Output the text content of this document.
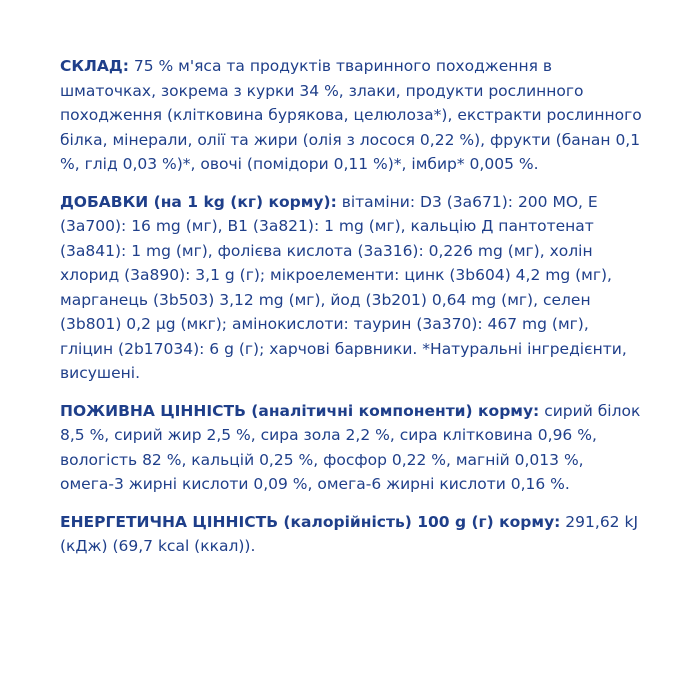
СКЛАД: 75 % м'яса та продуктів тваринного походження в шматочках, зокрема з курки 34 %, злаки, продукти рослинного походження (клітковина бурякова, целюлоза*), екстракти рослинного білка, мінерали, олії та жири (олія з лосося 0,22 %), фрукти (банан 0,1 %, глід 0,03 %)*, овочі (помідори 0,11 %)*, імбир* 0,005 %.

ДОБАВКИ (на 1 kg (кг) корму): вітаміни: D3 (3a671): 200 МО, E (3a700): 16 mg (мг), B1 (3a821): 1 mg (мг), кальцію Д пантотенат (3a841): 1 mg (мг), фолієва кислота (3a316): 0,226 mg (мг), холін хлорид (3a890): 3,1 g (г); мікроелементи: цинк (3b604) 4,2 mg (мг), марганець (3b503) 3,12 mg (мг), йод (3b201) 0,64 mg (мг), селен (3b801) 0,2 μg (мкг); амінокислоти: таурин (3a370): 467 mg (мг), гліцин (2b17034): 6 g (г); харчові барвники. *Натуральні інгредієнти, висушені.

ПОЖИВНА ЦІННІСТЬ (аналітичні компоненти) корму: сирий білок 8,5 %, сирий жир 2,5 %, сира зола 2,2 %, сира клітковина 0,96 %, вологість 82 %, кальцій 0,25 %, фосфор 0,22 %, магній 0,013 %, омега-3 жирні кислоти 0,09 %, омега-6 жирні кислоти 0,16 %.

ЕНЕРГЕТИЧНА ЦІННІСТЬ (калорійність) 100 g (г) корму: 291,62 kJ (кДж) (69,7 kcal (ккал)).
